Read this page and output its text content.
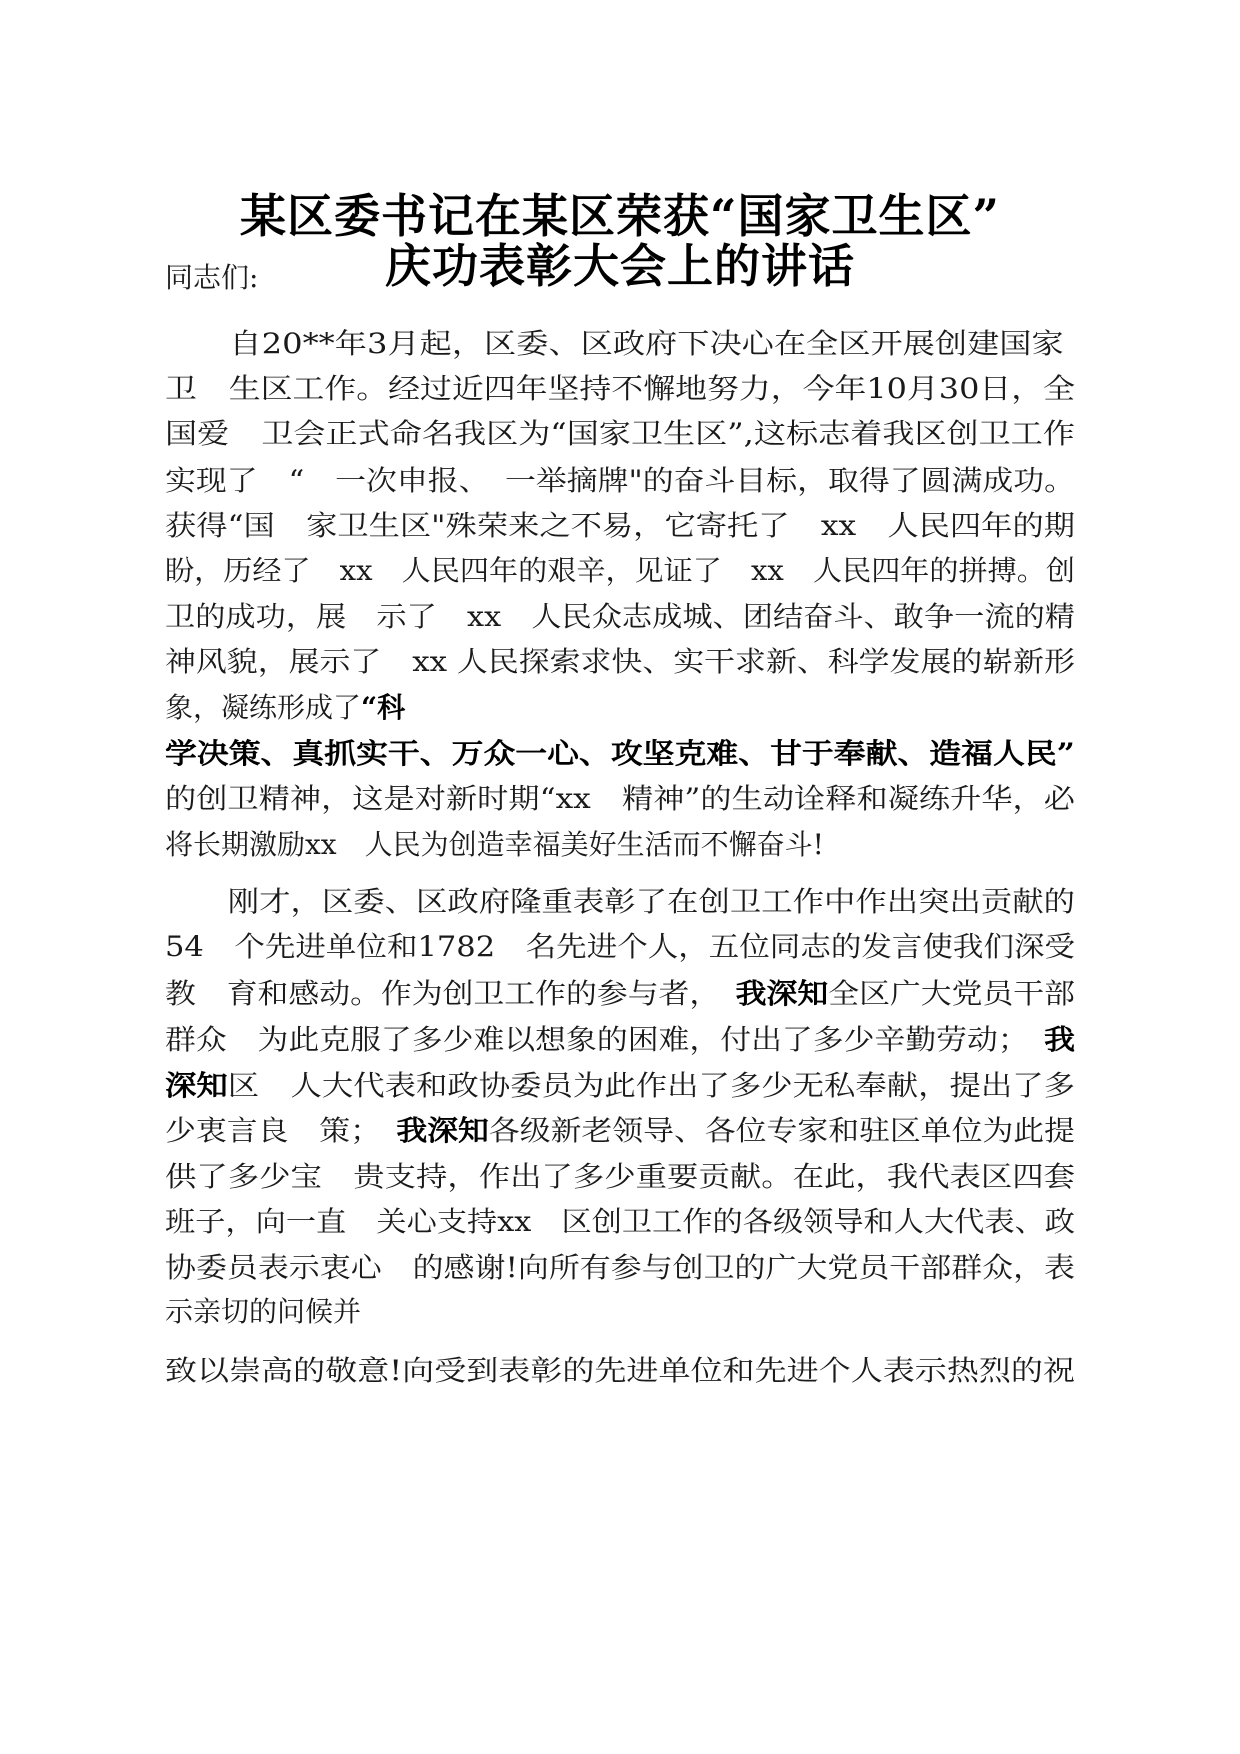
某区委书记在某区荣获“国家卫生区”
庆功表彰大会上的讲话
同志们:
　　自20**年3月起，区委、区政府下决心在全区开展创建国家
卫　生区工作。经过近四年坚持不懈地努力，今年10月30日，全
国爱　卫会正式命名我区为“国家卫生区”,这标志着我区创卫工作
实现了　“　一次申报、　一举摘牌"的奋斗目标，取得了圆满成功。
获得“国　家卫生区"殊荣来之不易，它寄托了　xx　人民四年的期
盼，历经了　xx　人民四年的艰辛，见证了　xx　人民四年的拼搏。创
卫的成功，展　示了　xx　人民众志成城、团结奋斗、敢争一流的精
神风貌，展示了　xx 人民探索求快、实干求新、科学发展的崭新形
象，凝练形成了“科
学决策、真抓实干、万众一心、攻坚克难、甘于奉献、造福人民”
的创卫精神，这是对新时期“xx　精神”的生动诠释和凝练升华，必
将长期激励xx　人民为创造幸福美好生活而不懈奋斗!
　　刚才，区委、区政府隆重表彰了在创卫工作中作出突出贡献的
54　个先进单位和1782　名先进个人，五位同志的发言使我们深受
教　育和感动。作为创卫工作的参与者，　我深知全区广大党员干部
群众　为此克服了多少难以想象的困难，付出了多少辛勤劳动；　我
深知区　人大代表和政协委员为此作出了多少无私奉献，提出了多
少衷言良　策；　我深知各级新老领导、各位专家和驻区单位为此提
供了多少宝　贵支持，作出了多少重要贡献。在此，我代表区四套
班子，向一直　关心支持xx　区创卫工作的各级领导和人大代表、政
协委员表示衷心　的感谢!向所有参与创卫的广大党员干部群众，表
示亲切的问候并
致以崇高的敬意!向受到表彰的先进单位和先进个人表示热烈的祝
